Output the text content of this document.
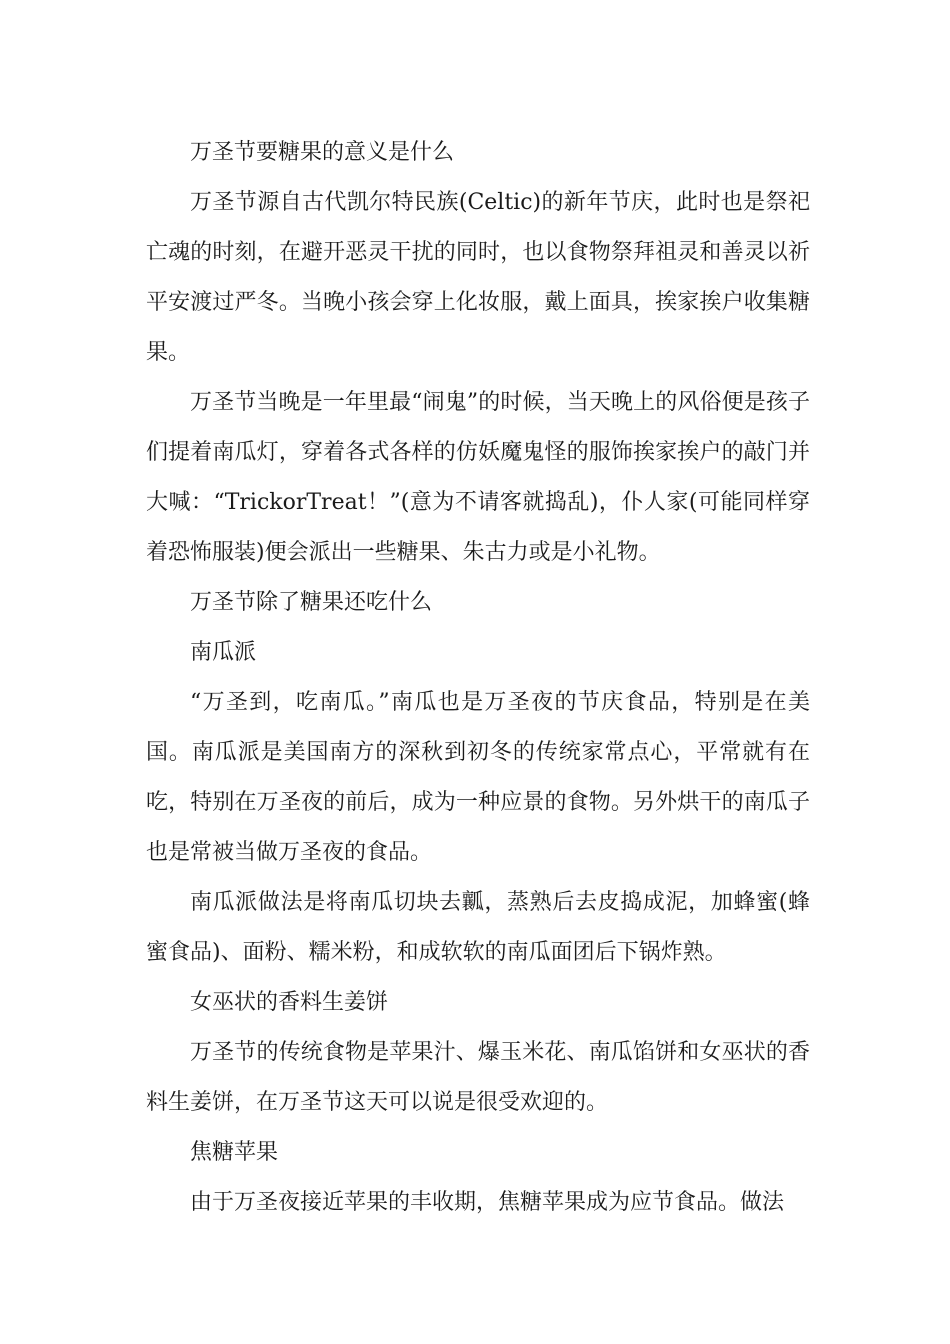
万圣节要糖果的意义是什么

万圣节源自古代凯尔特民族(Celtic)的新年节庆，此时也是祭祀亡魂的时刻，在避开恶灵干扰的同时，也以食物祭拜祖灵和善灵以祈平安渡过严冬。当晚小孩会穿上化妆服，戴上面具，挨家挨户收集糖果。

万圣节当晚是一年里最“闹鬼”的时候，当天晚上的风俗便是孩子们提着南瓜灯，穿着各式各样的仿妖魔鬼怪的服饰挨家挨户的敲门并大喊：“TrickorTreat！”(意为不请客就捣乱)，仆人家(可能同样穿着恐怖服装)便会派出一些糖果、朱古力或是小礼物。

万圣节除了糖果还吃什么

南瓜派

“万圣到，吃南瓜。”南瓜也是万圣夜的节庆食品，特别是在美国。南瓜派是美国南方的深秋到初冬的传统家常点心，平常就有在吃，特别在万圣夜的前后，成为一种应景的食物。另外烘干的南瓜子也是常被当做万圣夜的食品。

南瓜派做法是将南瓜切块去瓤，蒸熟后去皮捣成泥，加蜂蜜(蜂蜜食品)、面粉、糯米粉，和成软软的南瓜面团后下锅炸熟。

女巫状的香料生姜饼

万圣节的传统食物是苹果汁、爆玉米花、南瓜馅饼和女巫状的香料生姜饼，在万圣节这天可以说是很受欢迎的。

焦糖苹果

由于万圣夜接近苹果的丰收期，焦糖苹果成为应节食品。做法
